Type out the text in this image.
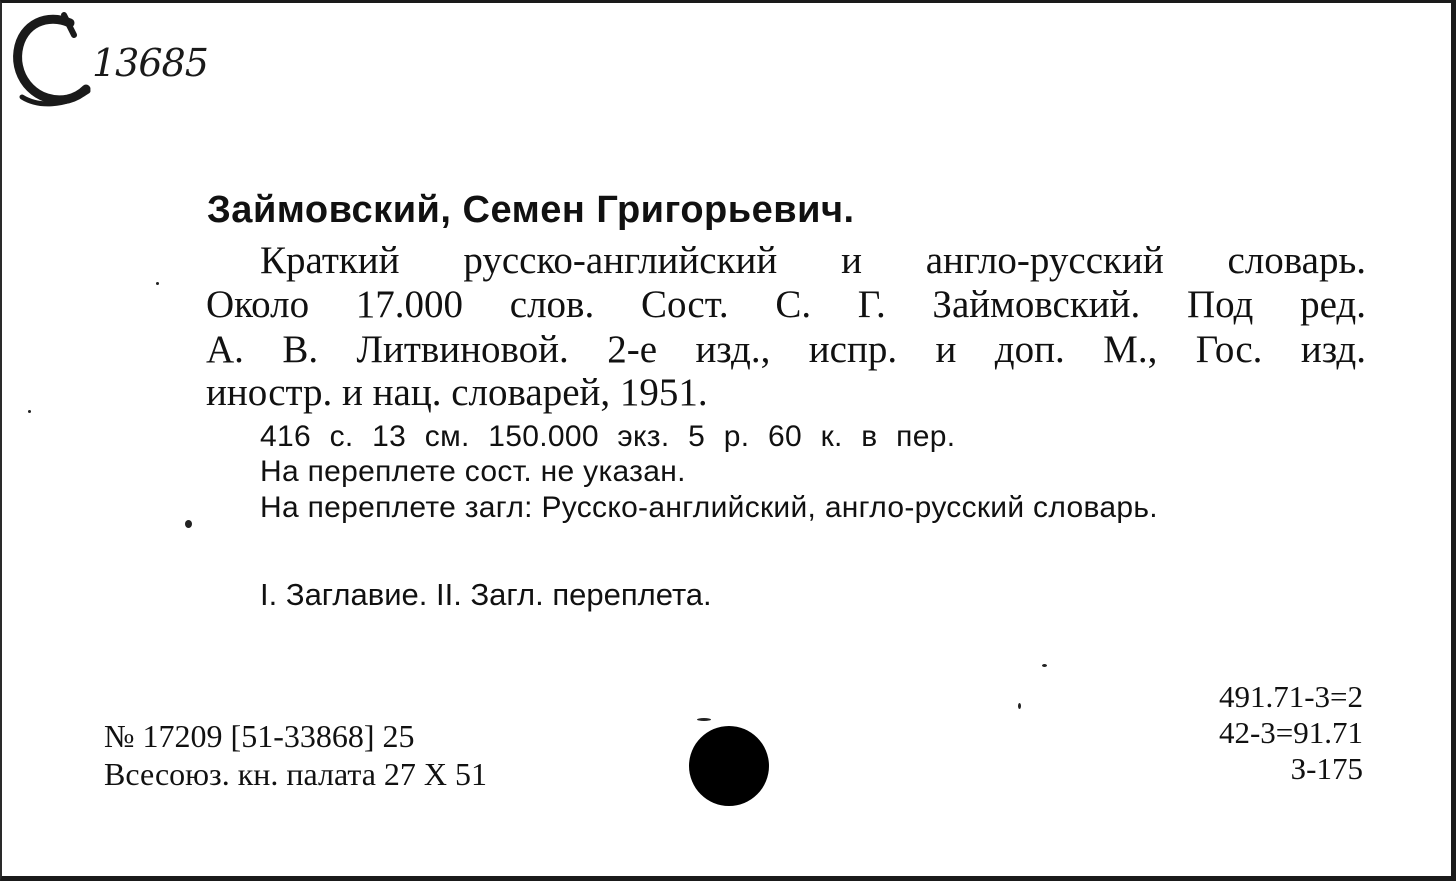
13685
Займовский, Семен Григорьевич.
Краткий русско-английский и англо-русский словарь.
Около 17.000 слов. Сост. С. Г. Займовский. Под ред.
А. В. Литвиновой. 2-е изд., испр. и доп. М., Гос. изд.
иностр. и нац. словарей, 1951.
416 с. 13 см. 150.000 экз. 5 р. 60 к. в пер.
На переплете сост. не указан.
На переплете загл: Русско-английский, англо-русский словарь.
I. Заглавие. II. Загл. переплета.
№ 17209 [51-33868] 25
Всесоюз. кн. палата 27 X 51
491.71-3=2
42-3=91.71
З-175
